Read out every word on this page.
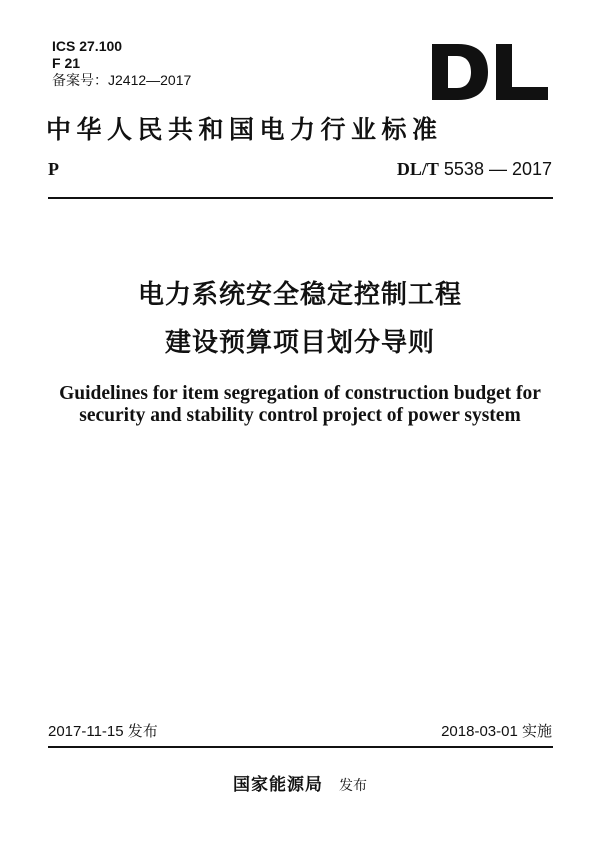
ICS 27.100
F 21
备案号：J2412—2017
中华人民共和国电力行业标准
P	DL/T 5538 — 2017
电力系统安全稳定控制工程
建设预算项目划分导则
Guidelines for item segregation of construction budget for
security and stability control project of power system
2017-11-15 发布	2018-03-01 实施
国家能源局 发布
